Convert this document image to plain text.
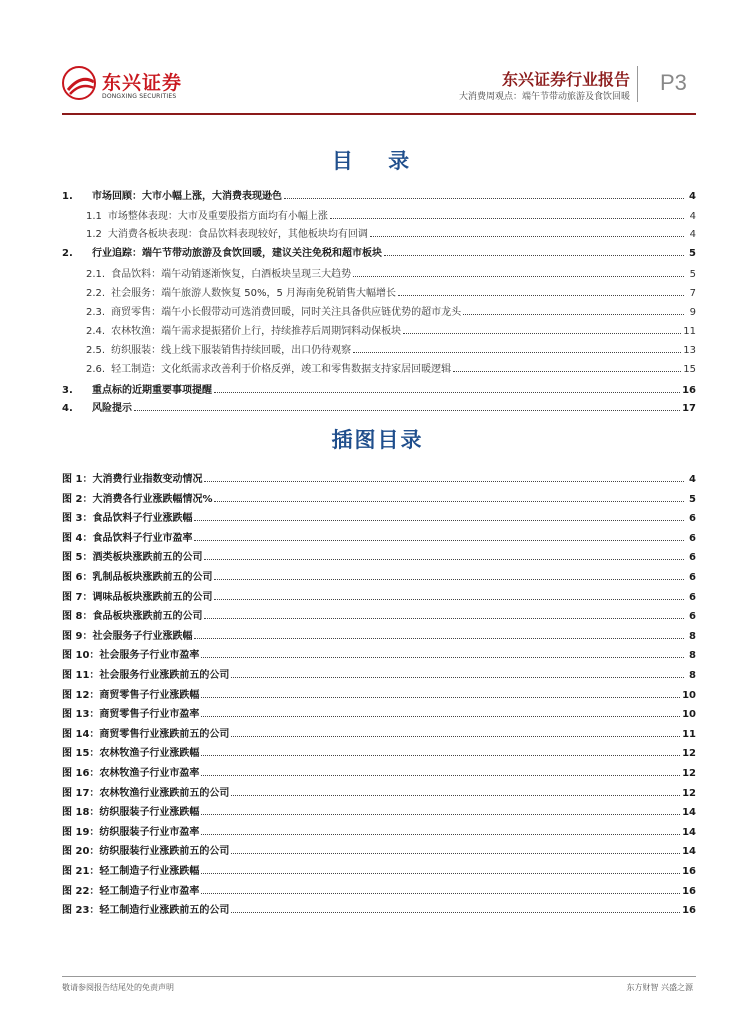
东兴证券
DONGXING SECURITIES
东兴证券行业报告
大消费周观点：端午节带动旅游及食饮回暖
P3
目 录
1.	市场回顾：大市小幅上涨，大消费表现逊色	4
1.1 市场整体表现：大市及重要股指方面均有小幅上涨	4
1.2 大消费各板块表现：食品饮料表现较好，其他板块均有回调	4
2.	行业追踪：端午节带动旅游及食饮回暖，建议关注免税和超市板块	5
2.1. 食品饮料：端午动销逐渐恢复，白酒板块呈现三大趋势	5
2.2. 社会服务：端午旅游人数恢复 50%，5 月海南免税销售大幅增长	7
2.3. 商贸零售：端午小长假带动可选消费回暖，同时关注具备供应链优势的超市龙头	9
2.4. 农林牧渔：端午需求提振猪价上行，持续推荐后周期饲料动保板块	11
2.5. 纺织服装：线上线下服装销售持续回暖，出口仍待观察	13
2.6. 轻工制造：文化纸需求改善利于价格反弹，竣工和零售数据支持家居回暖逻辑	15
3.	重点标的近期重要事项提醒	16
4.	风险提示	17
插图目录
图 1：大消费行业指数变动情况	4
图 2：大消费各行业涨跌幅情况%	5
图 3：食品饮料子行业涨跌幅	6
图 4：食品饮料子行业市盈率	6
图 5：酒类板块涨跌前五的公司	6
图 6：乳制品板块涨跌前五的公司	6
图 7：调味品板块涨跌前五的公司	6
图 8：食品板块涨跌前五的公司	6
图 9：社会服务子行业涨跌幅	8
图 10：社会服务子行业市盈率	8
图 11：社会服务行业涨跌前五的公司	8
图 12：商贸零售子行业涨跌幅	10
图 13：商贸零售子行业市盈率	10
图 14：商贸零售行业涨跌前五的公司	11
图 15：农林牧渔子行业涨跌幅	12
图 16：农林牧渔子行业市盈率	12
图 17：农林牧渔行业涨跌前五的公司	12
图 18：纺织服装子行业涨跌幅	14
图 19：纺织服装子行业市盈率	14
图 20：纺织服装行业涨跌前五的公司	14
图 21：轻工制造子行业涨跌幅	16
图 22：轻工制造子行业市盈率	16
图 23：轻工制造行业涨跌前五的公司	16
敬请参阅报告结尾处的免责声明	东方财智 兴盛之源
